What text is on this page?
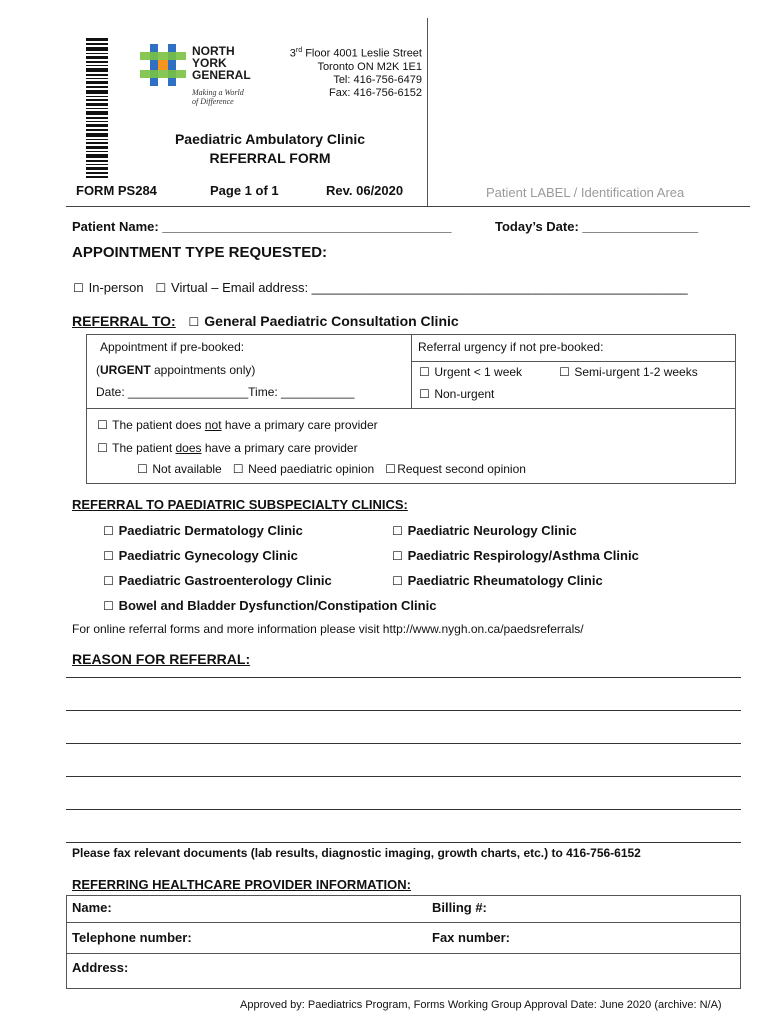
NORTH
YORK
GENERAL
Making a World
of Difference
3rd Floor 4001 Leslie Street
Toronto ON M2K 1E1
Tel: 416-756-6479
Fax: 416-756-6152
Paediatric Ambulatory Clinic
REFERRAL FORM
FORM PS284	Page 1 of 1	Rev. 06/2020	Patient LABEL / Identification Area
Patient Name: ________________________________________	Today’s Date: ________________
APPOINTMENT TYPE REQUESTED:
☐ In-person ☐ Virtual – Email address: ____________________________________________________
REFERRAL TO: ☐ General Paediatric Consultation Clinic
Appointment if pre-booked:
(URGENT appointments only)
Date: __________________Time: ___________
Referral urgency if not pre-booked:
☐ Urgent < 1 week	☐ Semi-urgent 1-2 weeks
☐ Non-urgent
☐ The patient does not have a primary care provider
☐ The patient does have a primary care provider
☐ Not available ☐ Need paediatric opinion ☐Request second opinion
REFERRAL TO PAEDIATRIC SUBSPECIALTY CLINICS:
☐ Paediatric Dermatology Clinic
☐ Paediatric Gynecology Clinic
☐ Paediatric Gastroenterology Clinic
☐ Paediatric Neurology Clinic
☐ Paediatric Respirology/Asthma Clinic
☐ Paediatric Rheumatology Clinic
☐ Bowel and Bladder Dysfunction/Constipation Clinic
For online referral forms and more information please visit http://www.nygh.on.ca/paedsreferrals/
REASON FOR REFERRAL:
Please fax relevant documents (lab results, diagnostic imaging, growth charts, etc.) to 416-756-6152
REFERRING HEALTHCARE PROVIDER INFORMATION:
Name:	Billing #:
Telephone number:	Fax number:
Address:
Approved by: Paediatrics Program, Forms Working Group Approval Date: June 2020 (archive: N/A)
